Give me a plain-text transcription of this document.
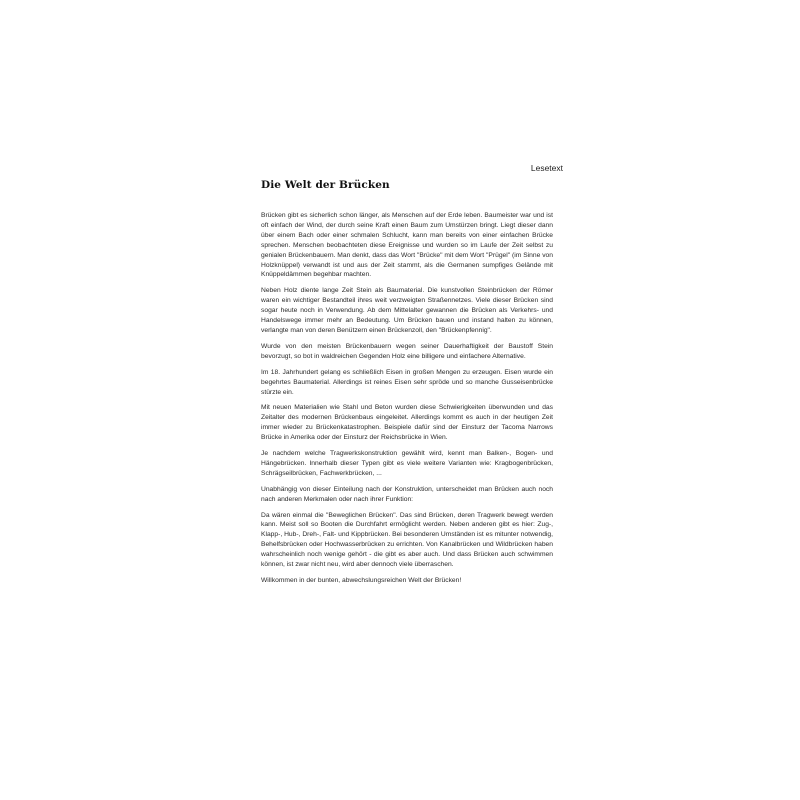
Lesetext
Die Welt der Brücken

Brücken gibt es sicherlich schon länger, als Menschen auf der Erde leben. Baumeister war und ist oft einfach der Wind, der durch seine Kraft einen Baum zum Umstürzen bringt. Liegt dieser dann über einem Bach oder einer schmalen Schlucht, kann man bereits von einer einfachen Brücke sprechen. Menschen beobachteten diese Ereignisse und wurden so im Laufe der Zeit selbst zu genialen Brückenbauern. Man denkt, dass das Wort "Brücke" mit dem Wort "Prügel" (im Sinne von Holzknüppel) verwandt ist und aus der Zeit stammt, als die Germanen sumpfiges Gelände mit Knüppeldämmen begehbar machten.

Neben Holz diente lange Zeit Stein als Baumaterial. Die kunstvollen Steinbrücken der Römer waren ein wichtiger Bestandteil ihres weit verzweigten Straßennetzes. Viele dieser Brücken sind sogar heute noch in Verwendung. Ab dem Mittelalter gewannen die Brücken als Verkehrs- und Handelswege immer mehr an Bedeutung. Um Brücken bauen und instand halten zu können, verlangte man von deren Benützern einen Brückenzoll, den "Brückenpfennig".

Wurde von den meisten Brückenbauern wegen seiner Dauerhaftigkeit der Baustoff Stein bevorzugt, so bot in waldreichen Gegenden Holz eine billigere und einfachere Alternative.

Im 18. Jahrhundert gelang es schließlich Eisen in großen Mengen zu erzeugen. Eisen wurde ein begehrtes Baumaterial. Allerdings ist reines Eisen sehr spröde und so manche Gusseisenbrücke stürzte ein.

Mit neuen Materialien wie Stahl und Beton wurden diese Schwierigkeiten überwunden und das Zeitalter des modernen Brückenbaus eingeleitet. Allerdings kommt es auch in der heutigen Zeit immer wieder zu Brückenkatastrophen. Beispiele dafür sind der Einsturz der Tacoma Narrows Brücke in Amerika oder der Einsturz der Reichsbrücke in Wien.

Je nachdem welche Tragwerkskonstruktion gewählt wird, kennt man Balken-, Bogen- und Hängebrücken. Innerhalb dieser Typen gibt es viele weitere Varianten wie: Kragbogenbrücken, Schrägseilbrücken, Fachwerkbrücken, ...

Unabhängig von dieser Einteilung nach der Konstruktion, unterscheidet man Brücken auch noch nach anderen Merkmalen oder nach ihrer Funktion:

Da wären einmal die "Beweglichen Brücken". Das sind Brücken, deren Tragwerk bewegt werden kann. Meist soll so Booten die Durchfahrt ermöglicht werden. Neben anderen gibt es hier: Zug-, Klapp-, Hub-, Dreh-, Falt- und Kippbrücken. Bei besonderen Umständen ist es mitunter notwendig, Behelfsbrücken oder Hochwasserbrücken zu errichten. Von Kanalbrücken und Wildbrücken haben wahrscheinlich noch wenige gehört - die gibt es aber auch. Und dass Brücken auch schwimmen können, ist zwar nicht neu, wird aber dennoch viele überraschen.

Willkommen in der bunten, abwechslungsreichen Welt der Brücken!
